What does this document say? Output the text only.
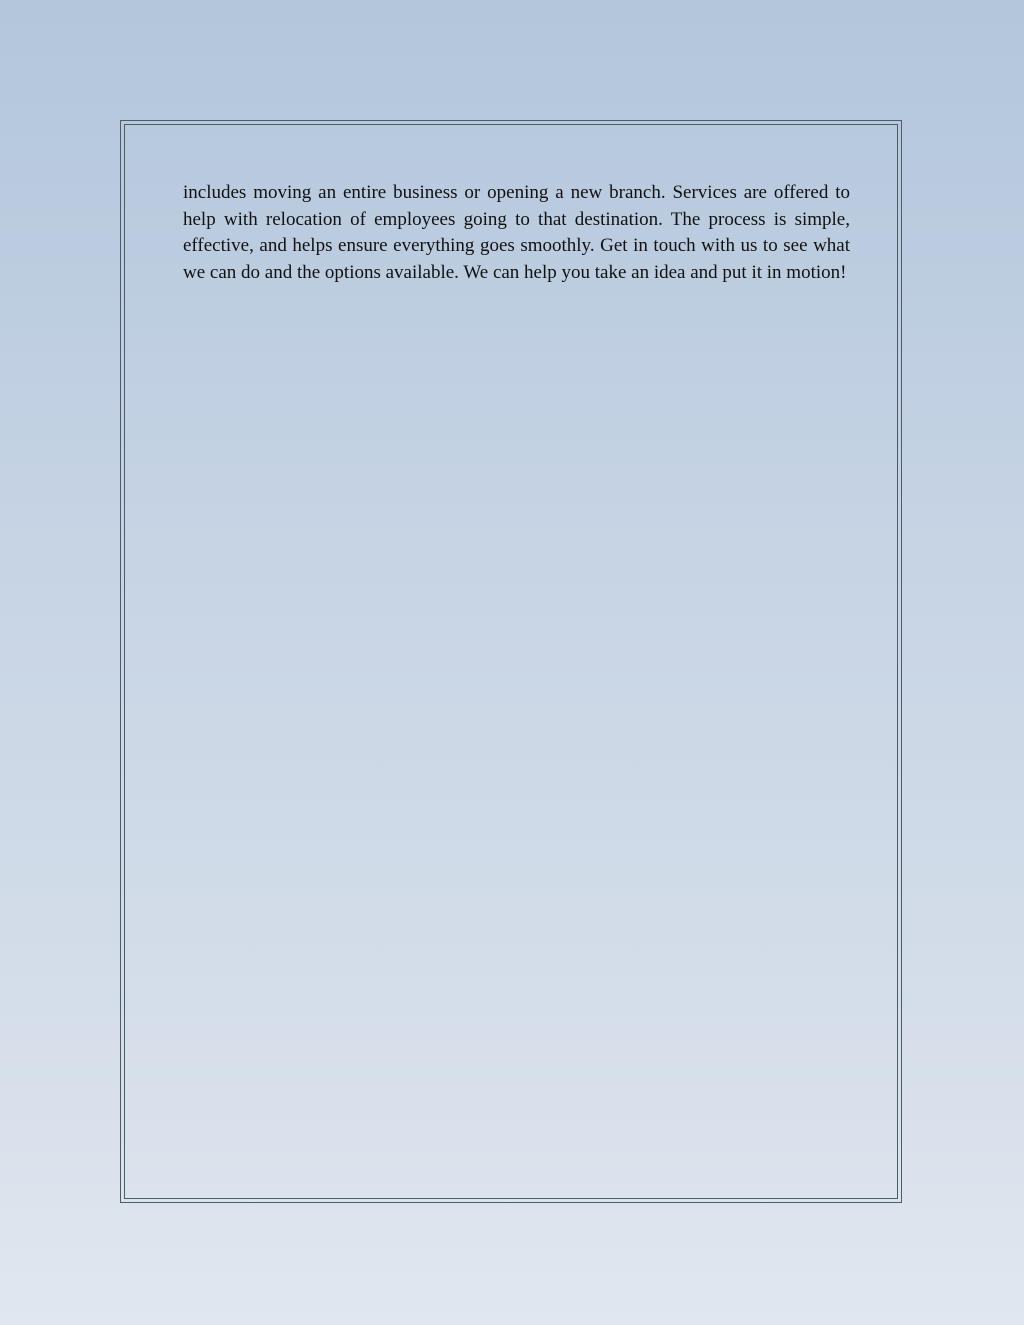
includes moving an entire business or opening a new branch. Services are offered to help with relocation of employees going to that destination. The process is simple, effective, and helps ensure everything goes smoothly. Get in touch with us to see what we can do and the options available. We can help you take an idea and put it in motion!
